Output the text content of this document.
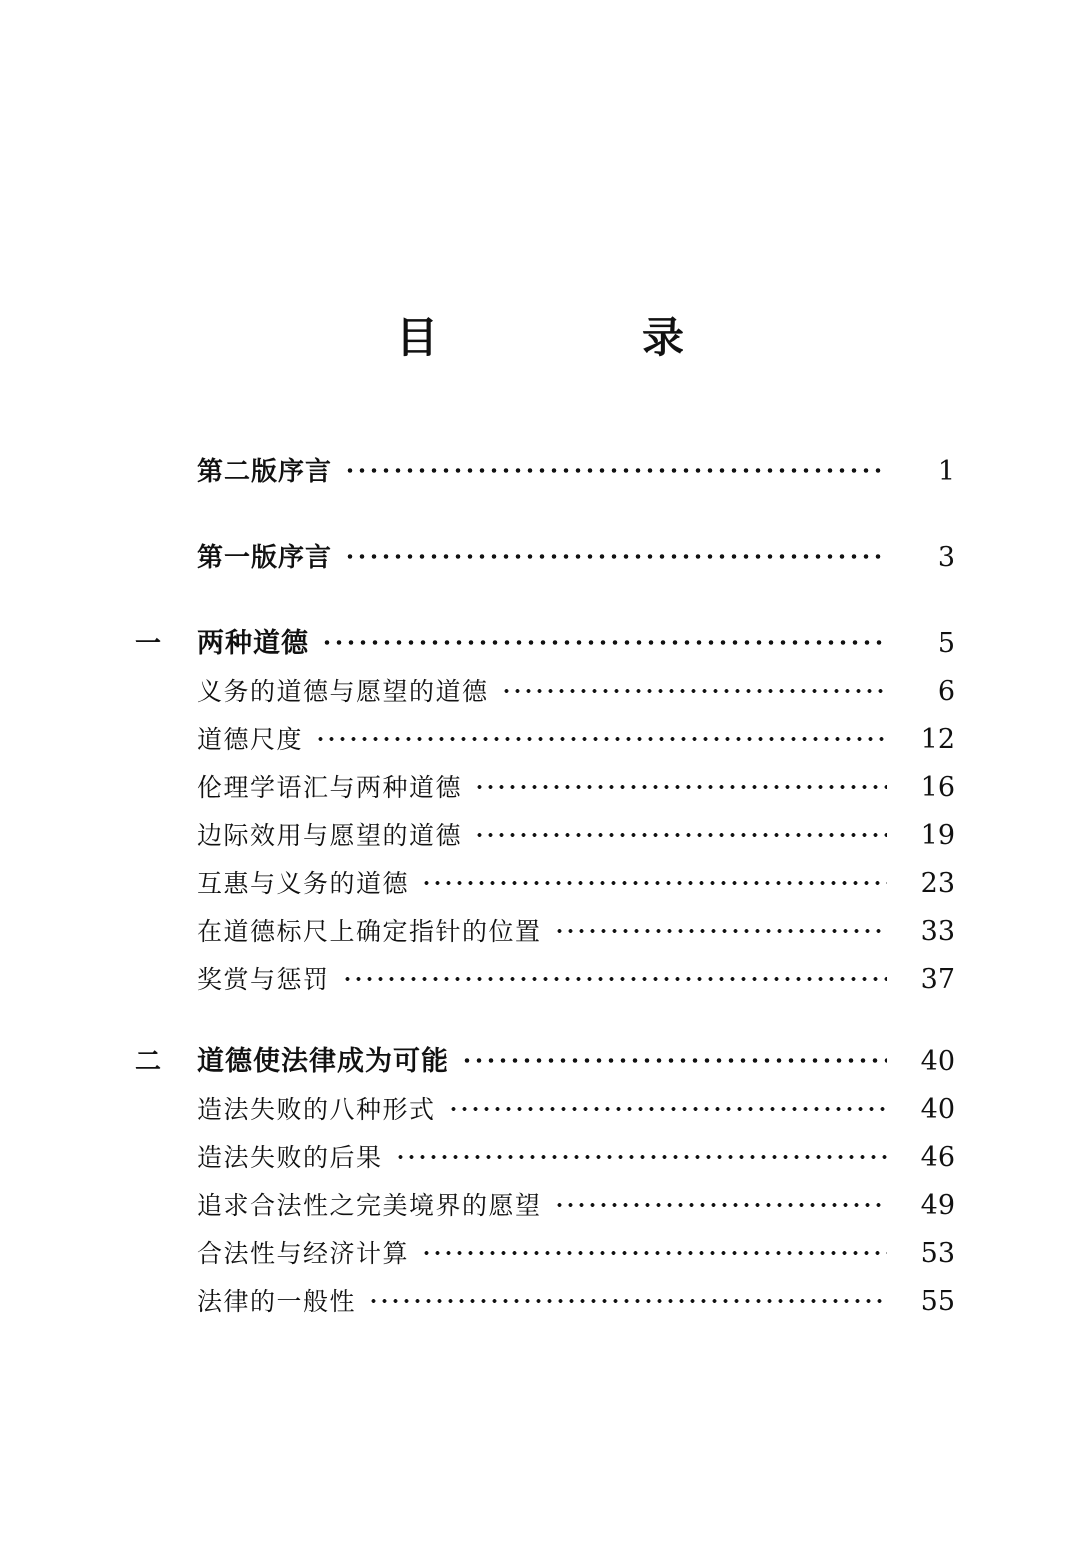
目　　录
第二版序言	1
第一版序言	3
一	两种道德	5
义务的道德与愿望的道德	6
道德尺度	12
伦理学语汇与两种道德	16
边际效用与愿望的道德	19
互惠与义务的道德	23
在道德标尺上确定指针的位置	33
奖赏与惩罚	37
二	道德使法律成为可能	40
造法失败的八种形式	40
造法失败的后果	46
追求合法性之完美境界的愿望	49
合法性与经济计算	53
法律的一般性	55
